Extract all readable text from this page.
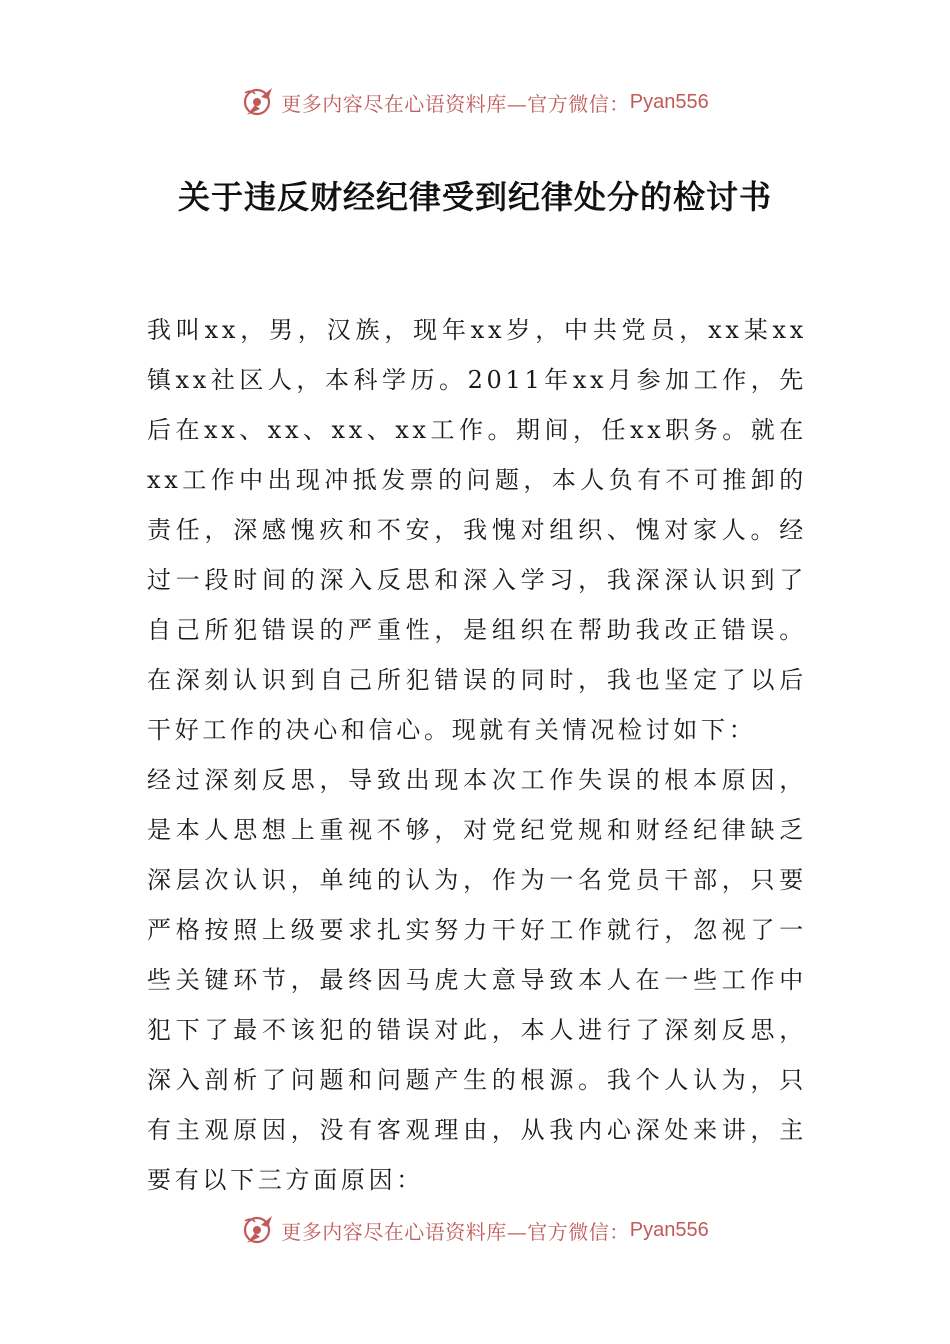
更多内容尽在心语资料库—官方微信： Pyan556
关于违反财经纪律受到纪律处分的检讨书

我叫xx，男，汉族，现年xx岁，中共党员，xx某xx镇xx社区人，本科学历。2011年xx月参加工作，先后在xx、xx、xx、xx工作。期间，任xx职务。就在xx工作中出现冲抵发票的问题，本人负有不可推卸的责任，深感愧疚和不安，我愧对组织、愧对家人。经过一段时间的深入反思和深入学习，我深深认识到了自己所犯错误的严重性，是组织在帮助我改正错误。在深刻认识到自己所犯错误的同时，我也坚定了以后干好工作的决心和信心。现就有关情况检讨如下：

经过深刻反思，导致出现本次工作失误的根本原因，是本人思想上重视不够，对党纪党规和财经纪律缺乏深层次认识，单纯的认为，作为一名党员干部，只要严格按照上级要求扎实努力干好工作就行，忽视了一些关键环节，最终因马虎大意导致本人在一些工作中犯下了最不该犯的错误对此，本人进行了深刻反思，深入剖析了问题和问题产生的根源。我个人认为，只有主观原因，没有客观理由，从我内心深处来讲，主要有以下三方面原因：

更多内容尽在心语资料库—官方微信： Pyan556
